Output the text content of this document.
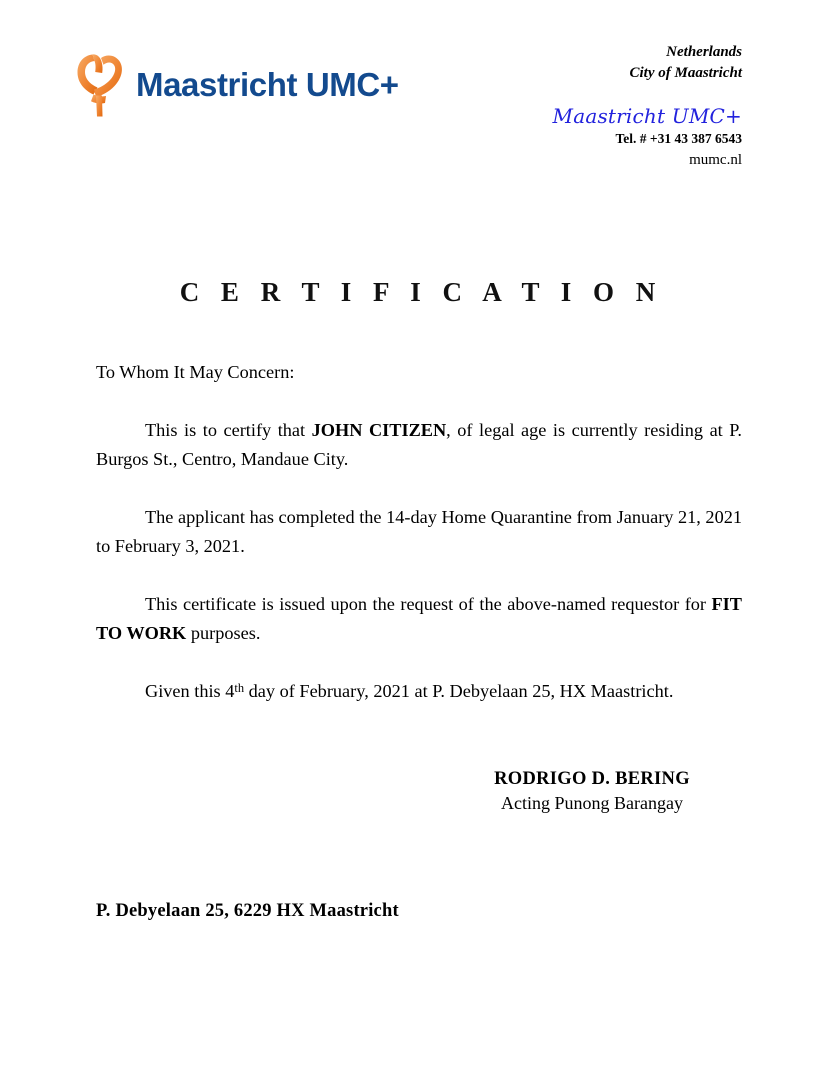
Maastricht UMC+
Netherlands
City of Maastricht
Maastricht UMC+
Tel. # +31 43 387 6543
mumc.nl
C E R T I F I C A T I O N

To Whom It May Concern:

This is to certify that JOHN CITIZEN, of legal age is currently residing at P. Burgos St., Centro, Mandaue City.

The applicant has completed the 14-day Home Quarantine from January 21, 2021 to February 3, 2021.

This certificate is issued upon the request of the above-named requestor for FIT TO WORK purposes.

Given this 4th day of February, 2021 at P. Debyelaan 25, HX Maastricht.

RODRIGO D. BERING
Acting Punong Barangay
P. Debyelaan 25, 6229 HX Maastricht
